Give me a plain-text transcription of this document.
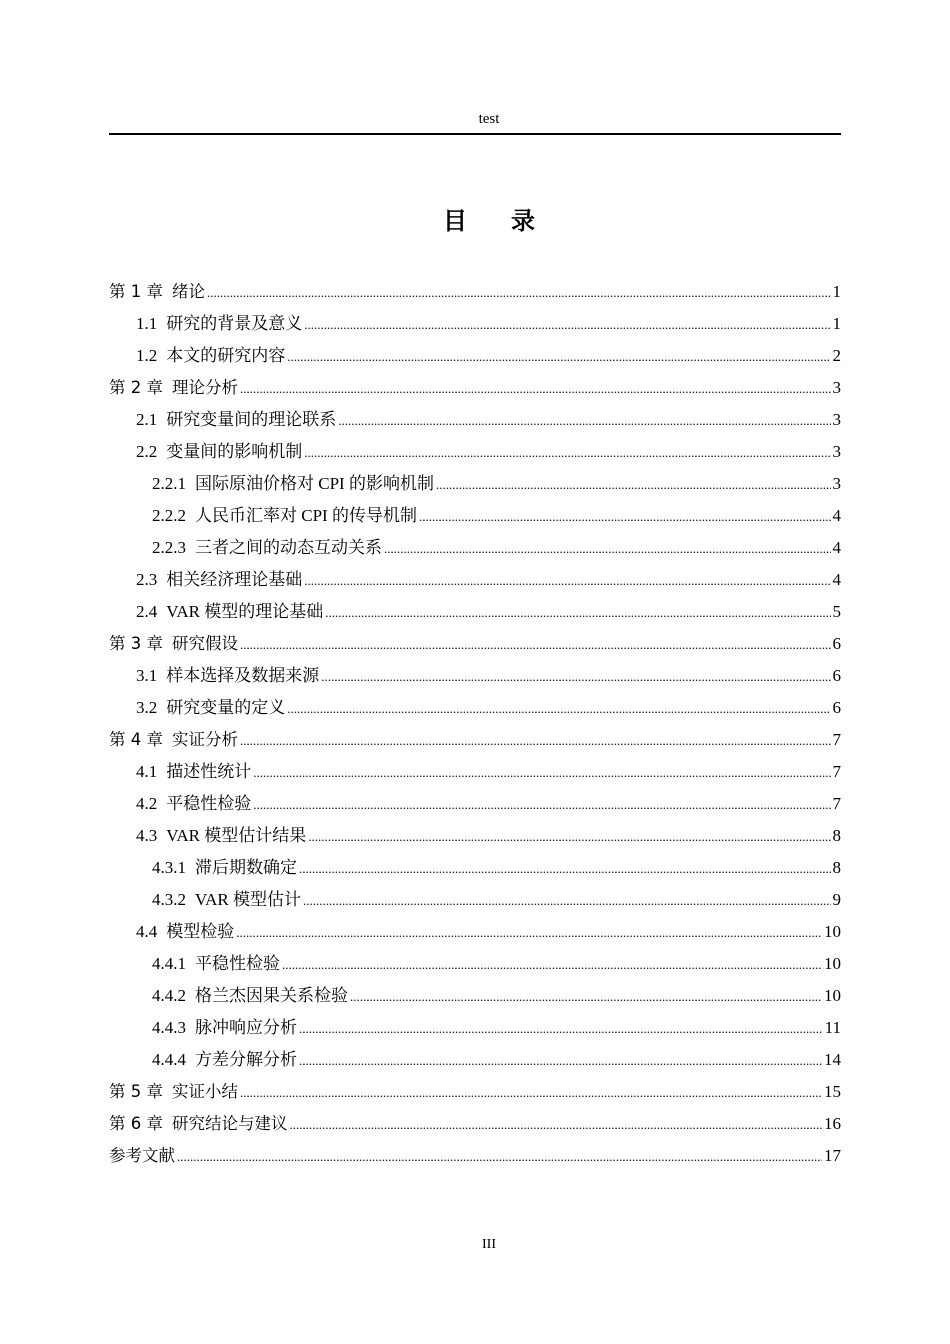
test
目录
第 1 章 绪论 .....	1
1.1 研究的背景及意义 .....	1
1.2 本文的研究内容 .....	2
第 2 章 理论分析 .....	3
2.1 研究变量间的理论联系 .....	3
2.2 变量间的影响机制 .....	3
2.2.1 国际原油价格对 CPI 的影响机制 .....	3
2.2.2 人民币汇率对 CPI 的传导机制 .....	4
2.2.3 三者之间的动态互动关系 .....	4
2.3 相关经济理论基础 .....	4
2.4 VAR 模型的理论基础 .....	5
第 3 章 研究假设 .....	6
3.1 样本选择及数据来源 .....	6
3.2 研究变量的定义 .....	6
第 4 章 实证分析 .....	7
4.1 描述性统计 .....	7
4.2 平稳性检验 .....	7
4.3 VAR 模型估计结果 .....	8
4.3.1 滞后期数确定 .....	8
4.3.2 VAR 模型估计 .....	9
4.4 模型检验 .....	10
4.4.1 平稳性检验 .....	10
4.4.2 格兰杰因果关系检验 .....	10
4.4.3 脉冲响应分析 .....	11
4.4.4 方差分解分析 .....	14
第 5 章 实证小结 .....	15
第 6 章 研究结论与建议 .....	16
参考文献 .....	17
III
